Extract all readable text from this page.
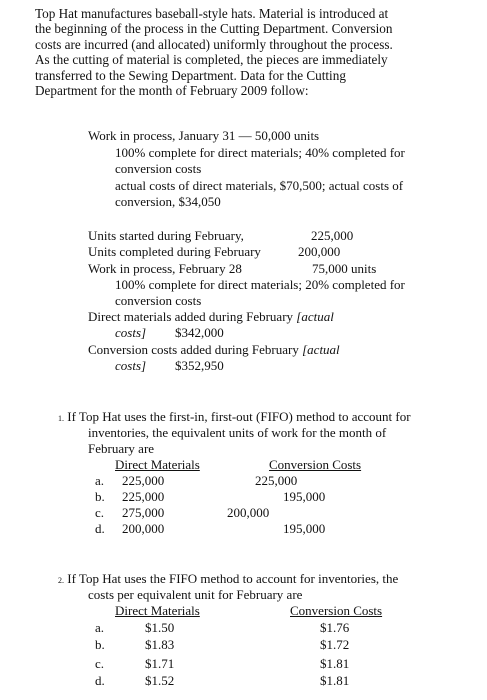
Top Hat manufactures baseball-style hats. Material is introduced at
the beginning of the process in the Cutting Department. Conversion
costs are incurred (and allocated) uniformly throughout the process.
As the cutting of material is completed, the pieces are immediately
transferred to the Sewing Department. Data for the Cutting
Department for the month of February 2009 follow:
Work in process, January 31 — 50,000 units
100% complete for direct materials; 40% completed for
conversion costs
actual costs of direct materials, $70,500; actual costs of
conversion, $34,050
Units started during February,	225,000
Units completed during February	200,000
Work in process, February 28	75,000 units
100% complete for direct materials; 20% completed for
conversion costs
Direct materials added during February [actual
costs] $342,000
Conversion costs added during February [actual
costs] $352,950
1. If Top Hat uses the first-in, first-out (FIFO) method to account for
inventories, the equivalent units of work for the month of
February are
Direct Materials	Conversion Costs
a. 225,000	225,000
b. 225,000	195,000
c. 275,000	200,000
d. 200,000	195,000
2. If Top Hat uses the FIFO method to account for inventories, the
costs per equivalent unit for February are
Direct Materials	Conversion Costs
a.	$1.50	$1.76
b.	$1.83	$1.72
c.	$1.71	$1.81
d.	$1.52	$1.81
